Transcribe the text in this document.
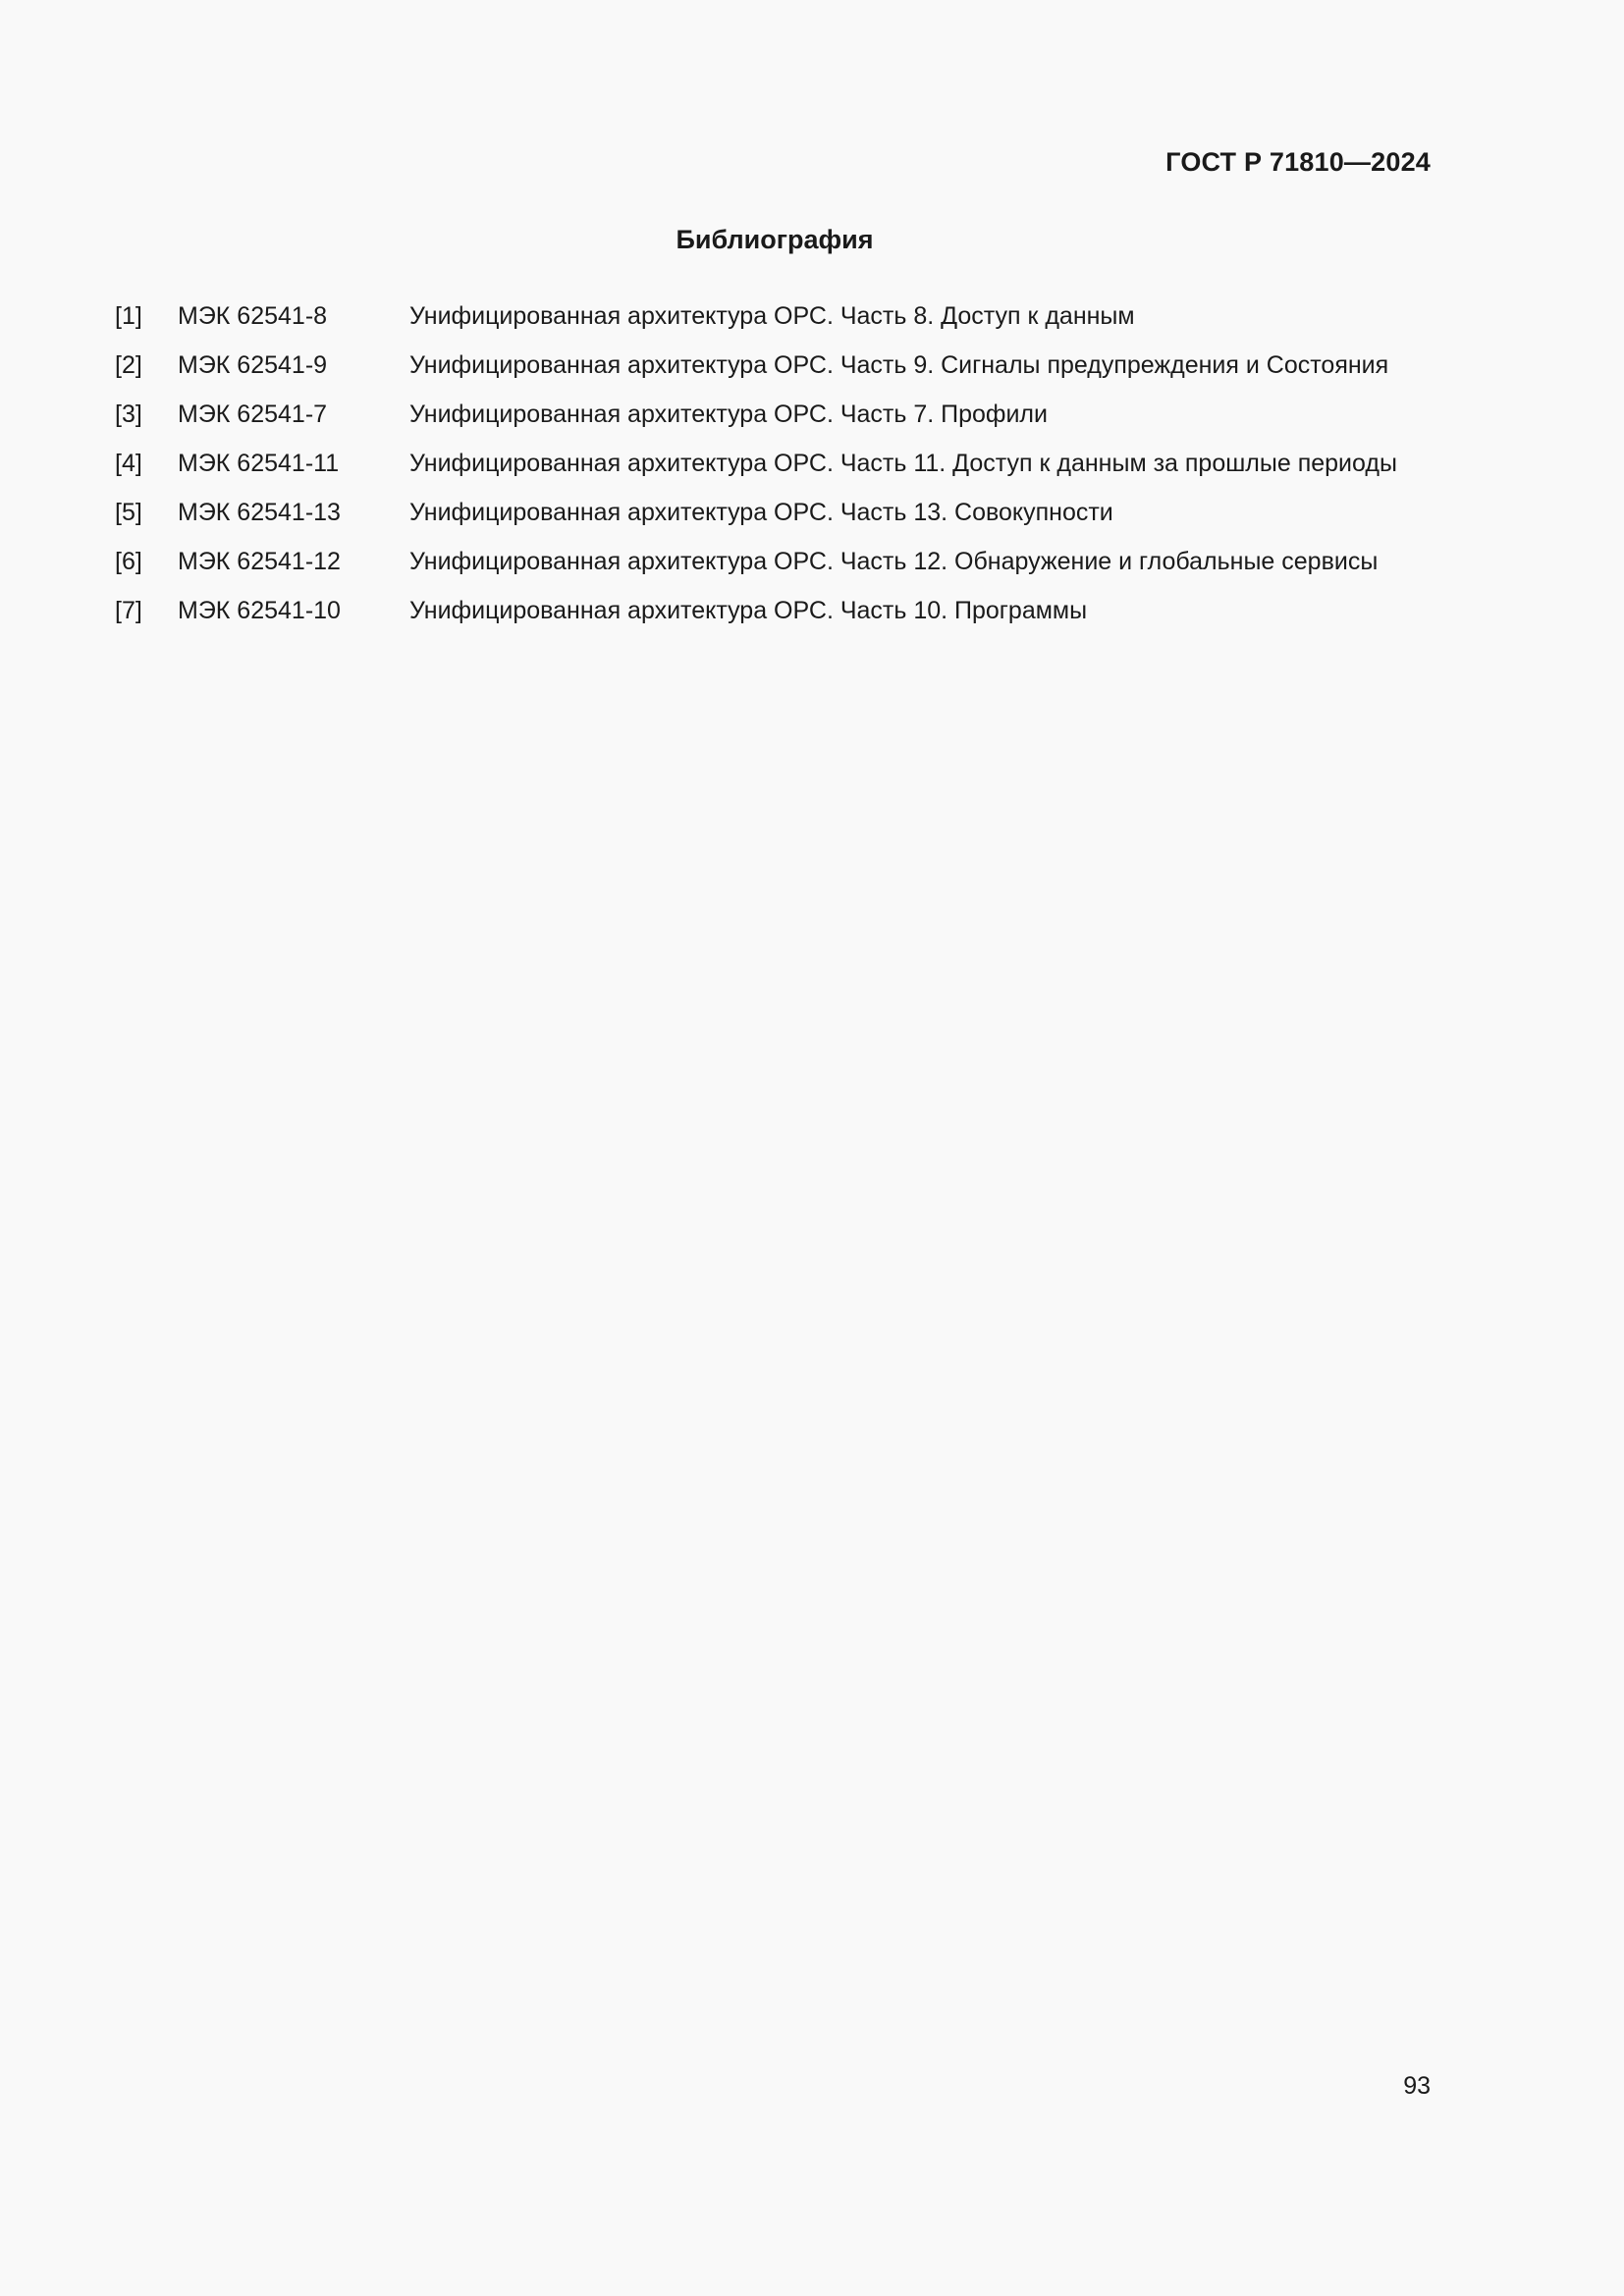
ГОСТ Р 71810—2024
Библиография
[1] МЭК 62541-8	Унифицированная архитектура ОРС. Часть 8. Доступ к данным
[2] МЭК 62541-9	Унифицированная архитектура ОРС. Часть 9. Сигналы предупреждения и Состояния
[3] МЭК 62541-7	Унифицированная архитектура ОРС. Часть 7. Профили
[4] МЭК 62541-11	Унифицированная архитектура ОРС. Часть 11. Доступ к данным за прошлые периоды
[5] МЭК 62541-13	Унифицированная архитектура ОРС. Часть 13. Совокупности
[6] МЭК 62541-12	Унифицированная архитектура ОРС. Часть 12. Обнаружение и глобальные сервисы
[7] МЭК 62541-10	Унифицированная архитектура ОРС. Часть 10. Программы
93
